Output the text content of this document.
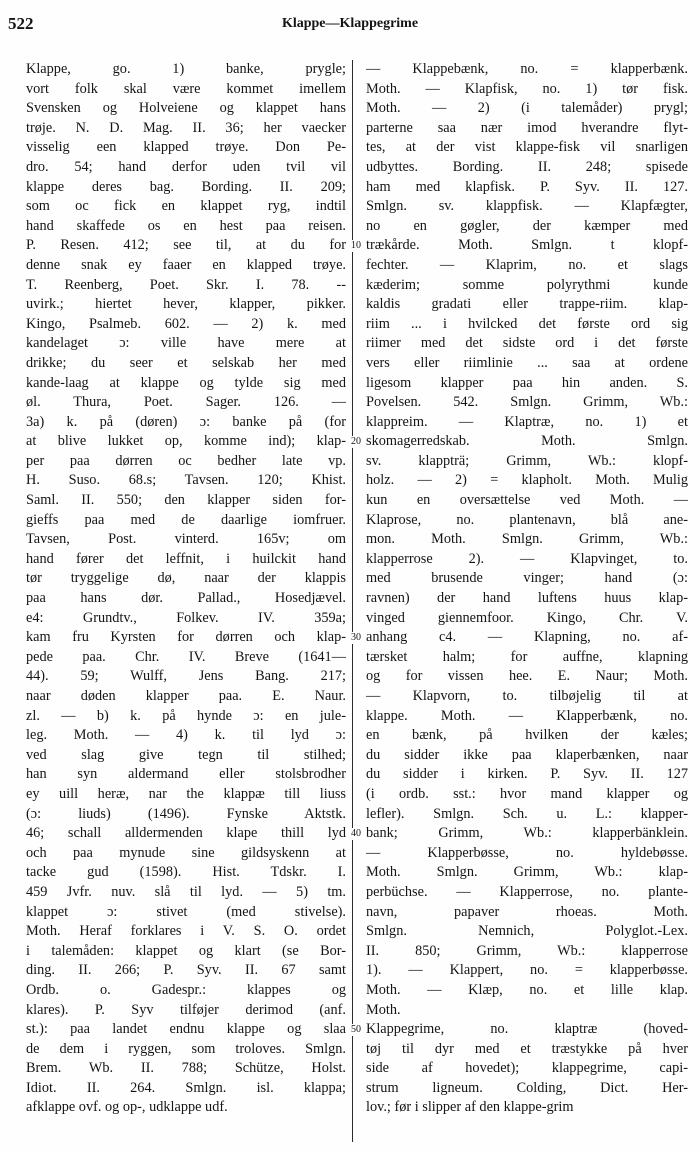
522	Klappe—Klappegrime
Klappe, go. 1) banke, prygle;
vort folk skal være kommet imellem
Svensken og Holveiene og klappet hans
trøje. N. D. Mag. II. 36; her vaecker
visselig een klapped trøye. Don Pe-
dro. 54; hand derfor uden tvil vil
klappe deres bag. Bording. II. 209;
som oc fick en klappet ryg, indtil
hand skaffede os en hest paa reisen.
P. Resen. 412; see til, at du for
denne snak ey faaer en klapped trøye.
T. Reenberg, Poet. Skr. I. 78. --
uvirk.; hiertet hever, klapper, pikker.
Kingo, Psalmeb. 602. — 2) k. med
kandelaget ɔ: ville have mere at
drikke; du seer et selskab her med
kande-laag at klappe og tylde sig med
øl. Thura, Poet. Sager. 126. —
3a) k. på (døren) ɔ: banke på (for
at blive lukket op, komme ind); klap-
per paa dørren oc bedher late vp.
H. Suso. 68.s; Tavsen. 120; Khist.
Saml. II. 550; den klapper siden for-
gieffs paa med de daarlige iomfruer.
Tavsen, Post. vinterd. 165v; om
hand fører det leffnit, i huilckit hand
tør tryggelige dø, naar der klappis
paa hans dør. Pallad., Hosedjævel.
e4: Grundtv., Folkev. IV. 359a;
kam fru Kyrsten for dørren och klap-
pede paa. Chr. IV. Breve (1641—
44). 59; Wulff, Jens Bang. 217;
naar døden klapper paa. E. Naur.
zl. — b) k. på hynde ɔ: en jule-
leg. Moth. — 4) k. til lyd ɔ:
ved slag give tegn til stilhed;
han syn aldermand eller stolsbrodher
ey uill heræ, nar the klappæ till liuss
(ɔ: liuds) (1496). Fynske Aktstk.
46; schall alldermenden klape thill lyd
och paa mynude sine gildsyskenn at
tacke gud (1598). Hist. Tdskr. I.
459 Jvfr. nuv. slå til lyd. — 5) tm.
klappet ɔ: stivet (med stivelse).
Moth. Heraf forklares i V. S. O. ordet
i talemåden: klappet og klart (se Bor-
ding. II. 266; P. Syv. II. 67 samt
Ordb. o. Gadespr.: klappes og
klares). P. Syv tilføjer derimod (anf.
st.): paa landet endnu klappe og slaa
de dem i ryggen, som troloves. Smlgn.
Brem. Wb. II. 788; Schütze, Holst.
Idiot. II. 264. Smlgn. isl. klappa;
afklappe ovf. og op-, udklappe udf.
— Klappebænk, no. = klapperbænk.
Moth. — Klapfisk, no. 1) tør fisk.
Moth. — 2) (i talemåder) prygl;
parterne saa nær imod hverandre flyt-
tes, at der vist klappe-fisk vil snarligen
udbyttes. Bording. II. 248; spisede
ham med klapfisk. P. Syv. II. 127.
Smlgn. sv. klappfisk. — Klapfægter,
no en gøgler, der kæmper med
trækårde. Moth. Smlgn. t klopf-
fechter. — Klaprim, no. et slags
kæderim; somme polyrythmi kunde
kaldis gradati eller trappe-riim. klap-
riim ... i hvilcked det første ord sig
riimer med det sidste ord i det første
vers eller riimlinie ... saa at ordene
ligesom klapper paa hin anden. S.
Povelsen. 542. Smlgn. Grimm, Wb.:
klappreim. — Klaptræ, no. 1) et
skomagerredskab. Moth. Smlgn.
sv. klappträ; Grimm, Wb.: klopf-
holz. — 2) = klapholt. Moth. Mulig
kun en oversættelse ved Moth. —
Klaprose, no. plantenavn, blå ane-
mon. Moth. Smlgn. Grimm, Wb.:
klapperrose 2). — Klapvinget, to.
med brusende vinger; hand (ɔ:
ravnen) der hand luftens huus klap-
vinged giennemfoor. Kingo, Chr. V.
anhang c4. — Klapning, no. af-
tærsket halm; for auffne, klapning
og for vissen hee. E. Naur; Moth.
— Klapvorn, to. tilbøjelig til at
klappe. Moth. — Klapperbænk, no.
en bænk, på hvilken der kæles;
du sidder ikke paa klaperbænken, naar
du sidder i kirken. P. Syv. II. 127
(i ordb. sst.: hvor mand klapper og
lefler). Smlgn. Sch. u. L.: klapper-
bank; Grimm, Wb.: klapperbänklein.
— Klapperbøsse, no. hyldebøsse.
Moth. Smlgn. Grimm, Wb.: klap-
perbüchse. — Klapperrose, no. plante-
navn, papaver rhoeas. Moth.
Smlgn. Nemnich, Polyglot.-Lex.
II. 850; Grimm, Wb.: klapperrose
1). — Klappert, no. = klapperbøsse.
Moth. — Klæp, no. et lille klap.
Moth.
Klappegrime, no. klaptræ (hoved-
tøj til dyr med et træstykke på hver
side af hovedet); klappegrime, capi-
strum ligneum. Colding, Dict. Her-
lov.; før i slipper af den klappe-grim
10
20
30
40
50
